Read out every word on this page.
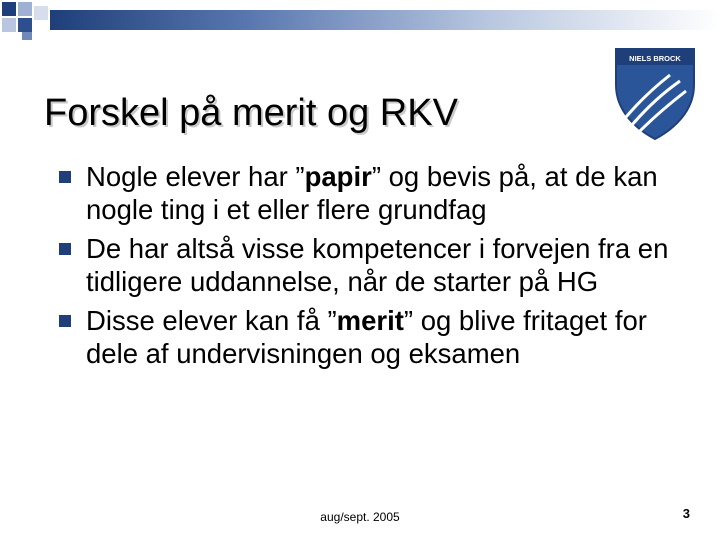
Forskel på merit og RKV
NIELS BROCK
Nogle elever har ”papir” og bevis på, at de kan nogle ting i et eller flere grundfag
De har altså visse kompetencer i forvejen fra en tidligere uddannelse, når de starter på HG
Disse elever kan få ”merit” og blive fritaget for dele af undervisningen og eksamen
aug/sept. 2005	3
